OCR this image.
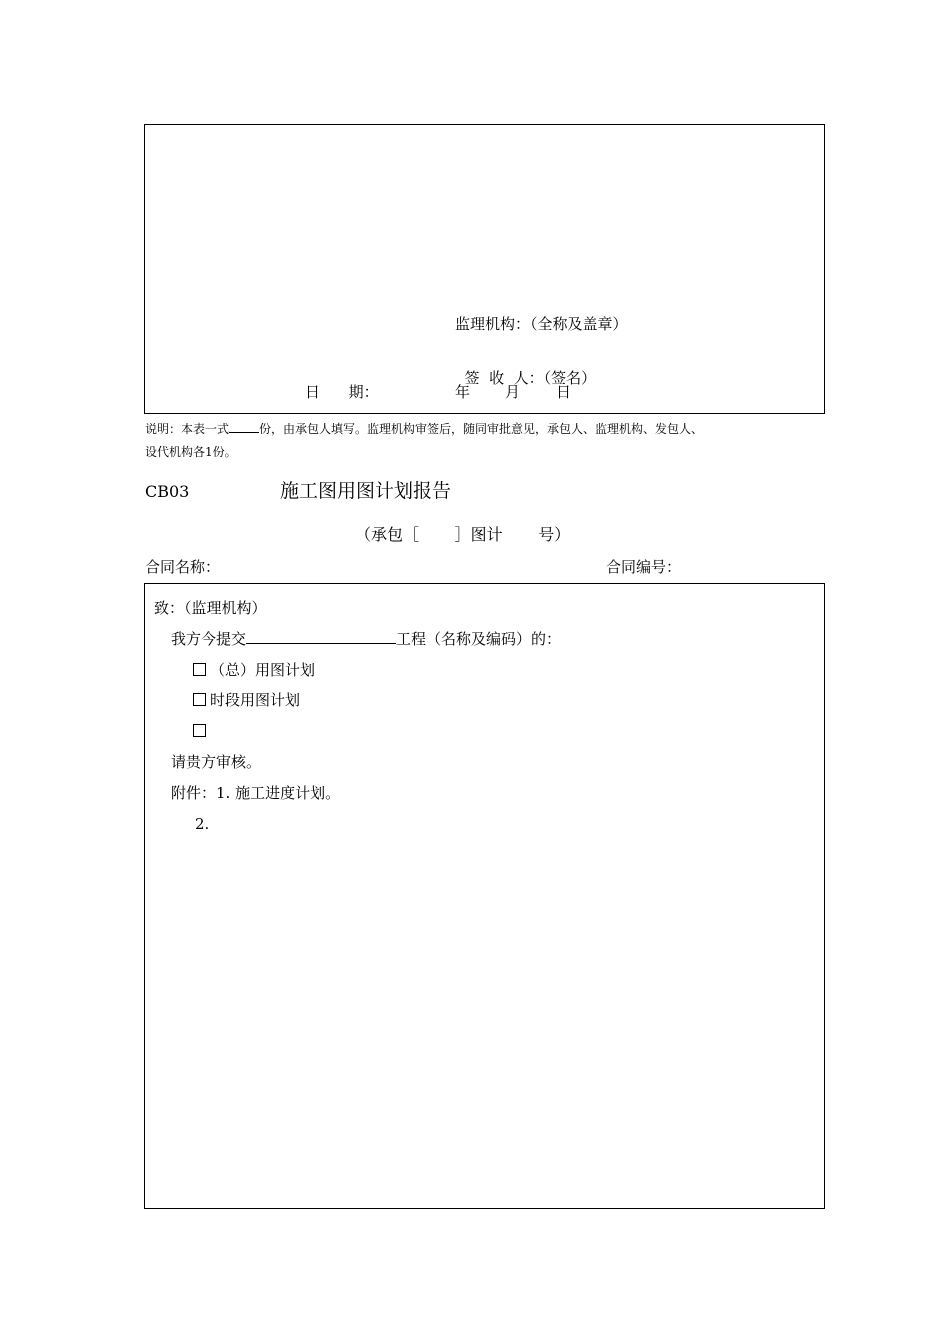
监理机构：（全称及盖章）

签  收  人：（签名）

日      期：	年 月 日
说明：本表一式	份，由承包人填写。监理机构审签后，随同审批意见，承包人、监理机构、发包人、
设代机构各1份。
CB03	施工图用图计划报告
（承包［       ］图计       号）
合同名称：	合同编号：
致：（监理机构）
我方今提交	工程（名称及编码）的：
（总）用图计划
时段用图计划
请贵方审核。
附件：1. 施工进度计划。
2.
